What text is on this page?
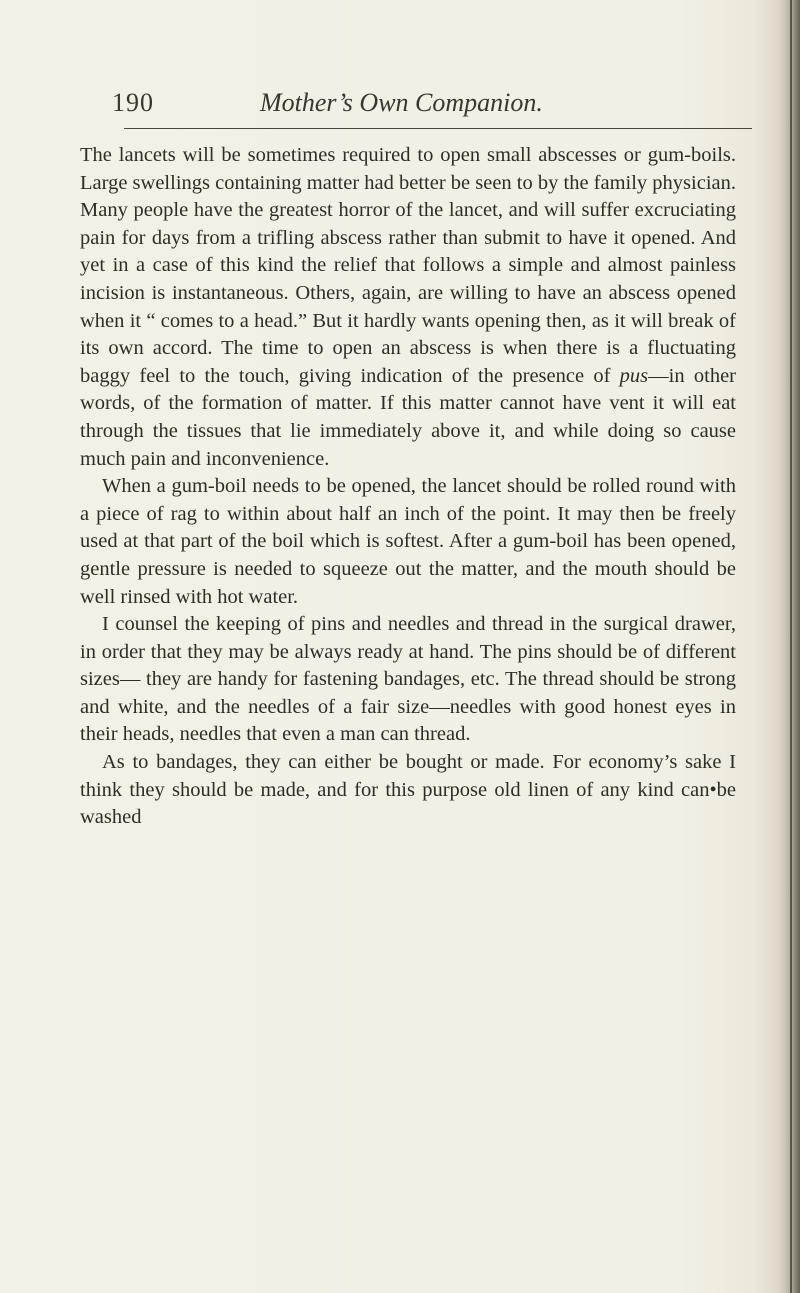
190	Mother’s Own Companion.

The lancets will be sometimes required to open small abscesses or gum-boils. Large swellings containing matter had better be seen to by the family physician. Many people have the greatest horror of the lancet, and will suffer excruciating pain for days from a trifling abscess rather than submit to have it opened. And yet in a case of this kind the relief that follows a simple and almost painless incision is instantaneous. Others, again, are willing to have an abscess opened when it “ comes to a head.” But it hardly wants opening then, as it will break of its own accord. The time to open an abscess is when there is a fluctuating baggy feel to the touch, giving indication of the presence of pus—in other words, of the formation of matter. If this matter cannot have vent it will eat through the tissues that lie immediately above it, and while doing so cause much pain and inconvenience.

When a gum-boil needs to be opened, the lancet should be rolled round with a piece of rag to within about half an inch of the point. It may then be freely used at that part of the boil which is softest. After a gum-boil has been opened, gentle pressure is needed to squeeze out the matter, and the mouth should be well rinsed with hot water.

I counsel the keeping of pins and needles and thread in the surgical drawer, in order that they may be always ready at hand. The pins should be of different sizes— they are handy for fastening bandages, etc. The thread should be strong and white, and the needles of a fair size—needles with good honest eyes in their heads, needles that even a man can thread.

As to bandages, they can either be bought or made. For economy’s sake I think they should be made, and for this purpose old linen of any kind can•be washed
